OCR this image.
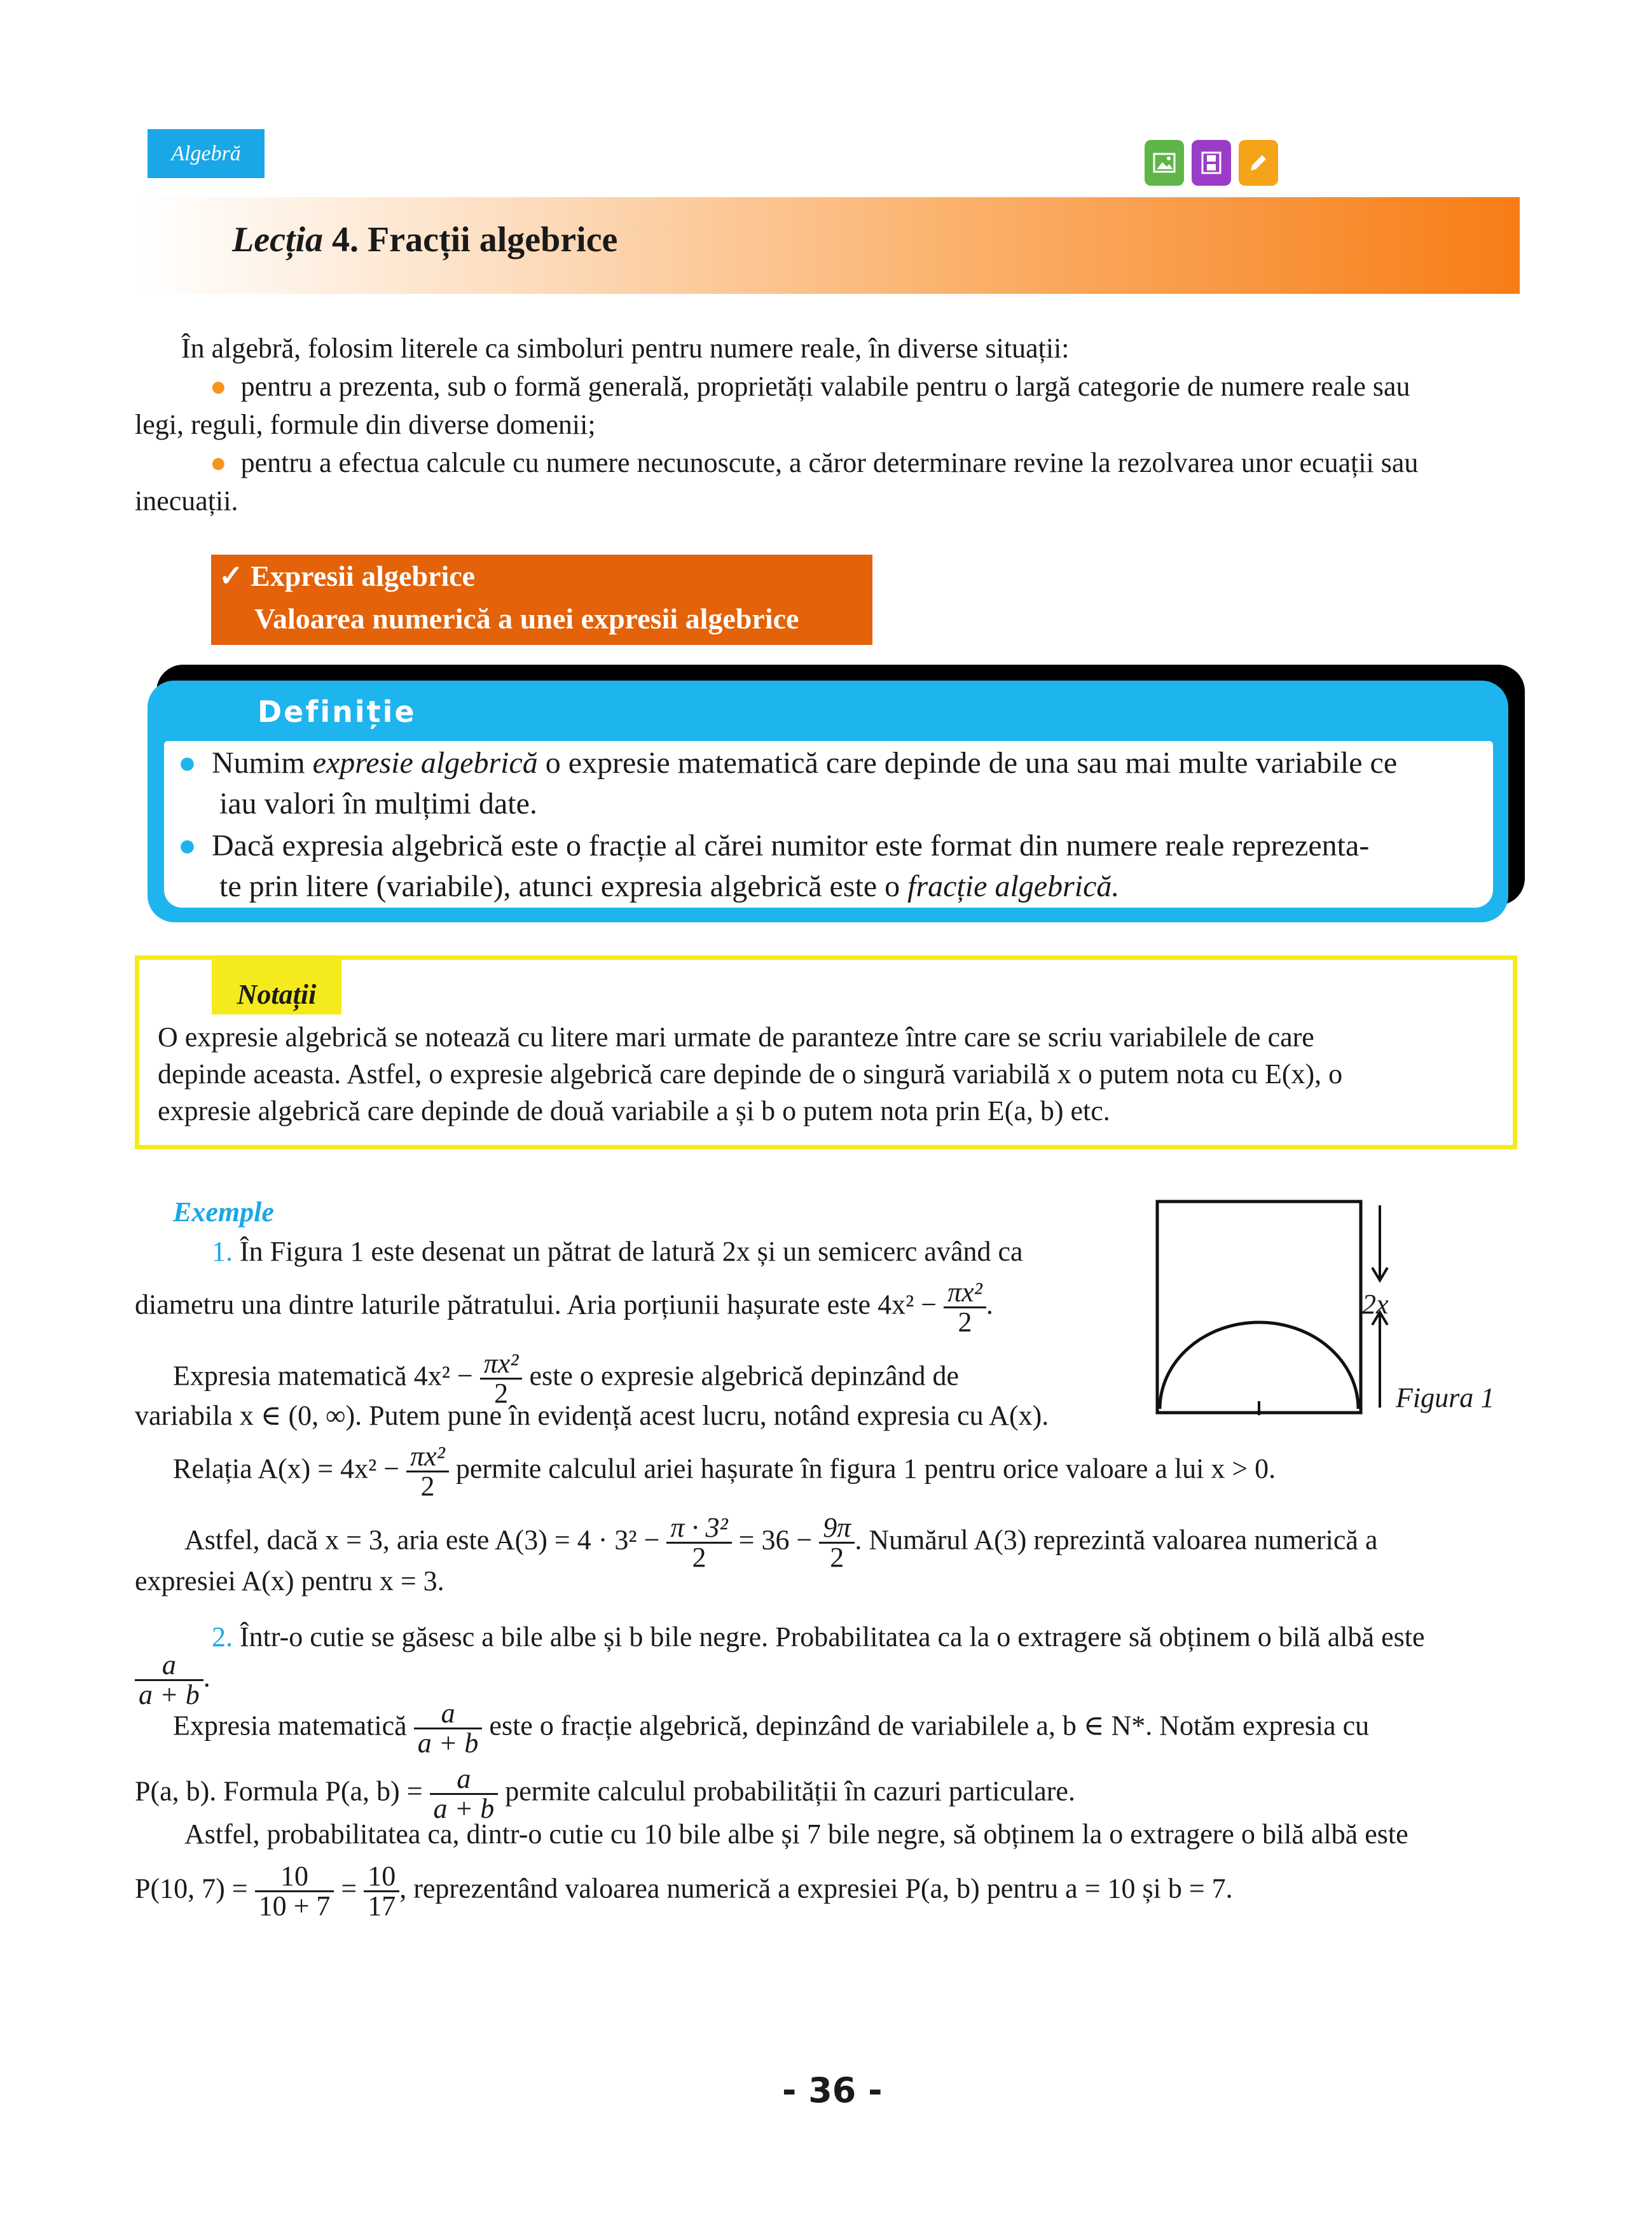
Algebră
Lecția 4. Fracții algebrice
În algebră, folosim literele ca simboluri pentru numere reale, în diverse situații:
● pentru a prezenta, sub o formă generală, proprietăți valabile pentru o largă categorie de numere reale sau
legi, reguli, formule din diverse domenii;
● pentru a efectua calcule cu numere necunoscute, a căror determinare revine la rezolvarea unor ecuații sau
inecuații.
✓ Expresii algebrice
Valoarea numerică a unei expresii algebrice
Definiție
● Numim expresie algebrică o expresie matematică care depinde de una sau mai multe variabile ce
iau valori în mulțimi date.
● Dacă expresia algebrică este o fracție al cărei numitor este format din numere reale reprezenta-
te prin litere (variabile), atunci expresia algebrică este o fracție algebrică.
Notații
O expresie algebrică se notează cu litere mari urmate de paranteze între care se scriu variabilele de care
depinde aceasta. Astfel, o expresie algebrică care depinde de o singură variabilă x o putem nota cu E(x), o
expresie algebrică care depinde de două variabile a și b o putem nota prin E(a, b) etc.
Exemple
1. În Figura 1 este desenat un pătrat de latură 2x și un semicerc având ca
diametru una dintre laturile pătratului. Aria porțiunii hașurate este $4x^2 - \frac{\text{πx²}}{2}$ .
Expresia matematică $4x^2 - \frac{\text{πx²}}{2}$ este o expresie algebrică depinzând de
variabila x ∈ (0, ∞). Putem pune în evidență acest lucru, notând expresia cu A(x).
Relația $A(x) = 4x^2 - \frac{\text{πx²}}{2}$ permite calculul ariei hașurate în figura 1 pentru orice valoare a lui x > 0.
Astfel, dacă x = 3, aria este $A(3) = 4 \cdot 3^2 - \frac{\text{π · 3²}}{2} = 36 - \frac{9\pi}{2}$ . Numărul A(3) reprezintă valoarea numerică a
expresiei A(x) pentru x = 3.
2x
Figura 1
2. Într-o cutie se găsesc a bile albe și b bile negre. Probabilitatea ca la o extragere să obținem o bilă albă este
$\frac{a}{a + b}$ .
Expresia matematică $\frac{a}{a + b}$ este o fracție algebrică, depinzând de variabilele a, b ∈ N*. Notăm expresia cu
P(a, b). Formula P(a, $b) = \frac{a}{a + b}$ permite calculul probabilității în cazuri particulare.
Astfel, probabilitatea ca, dintr-o cutie cu 10 bile albe și 7 bile negre, să obținem la o extragere o bilă albă este
P(10, $7) = \frac{10}{10 + 7} = \frac{10}{17}$ , reprezentând valoarea numerică a expresiei P(a, b) pentru a = 10 și b = 7.
- 36 -
